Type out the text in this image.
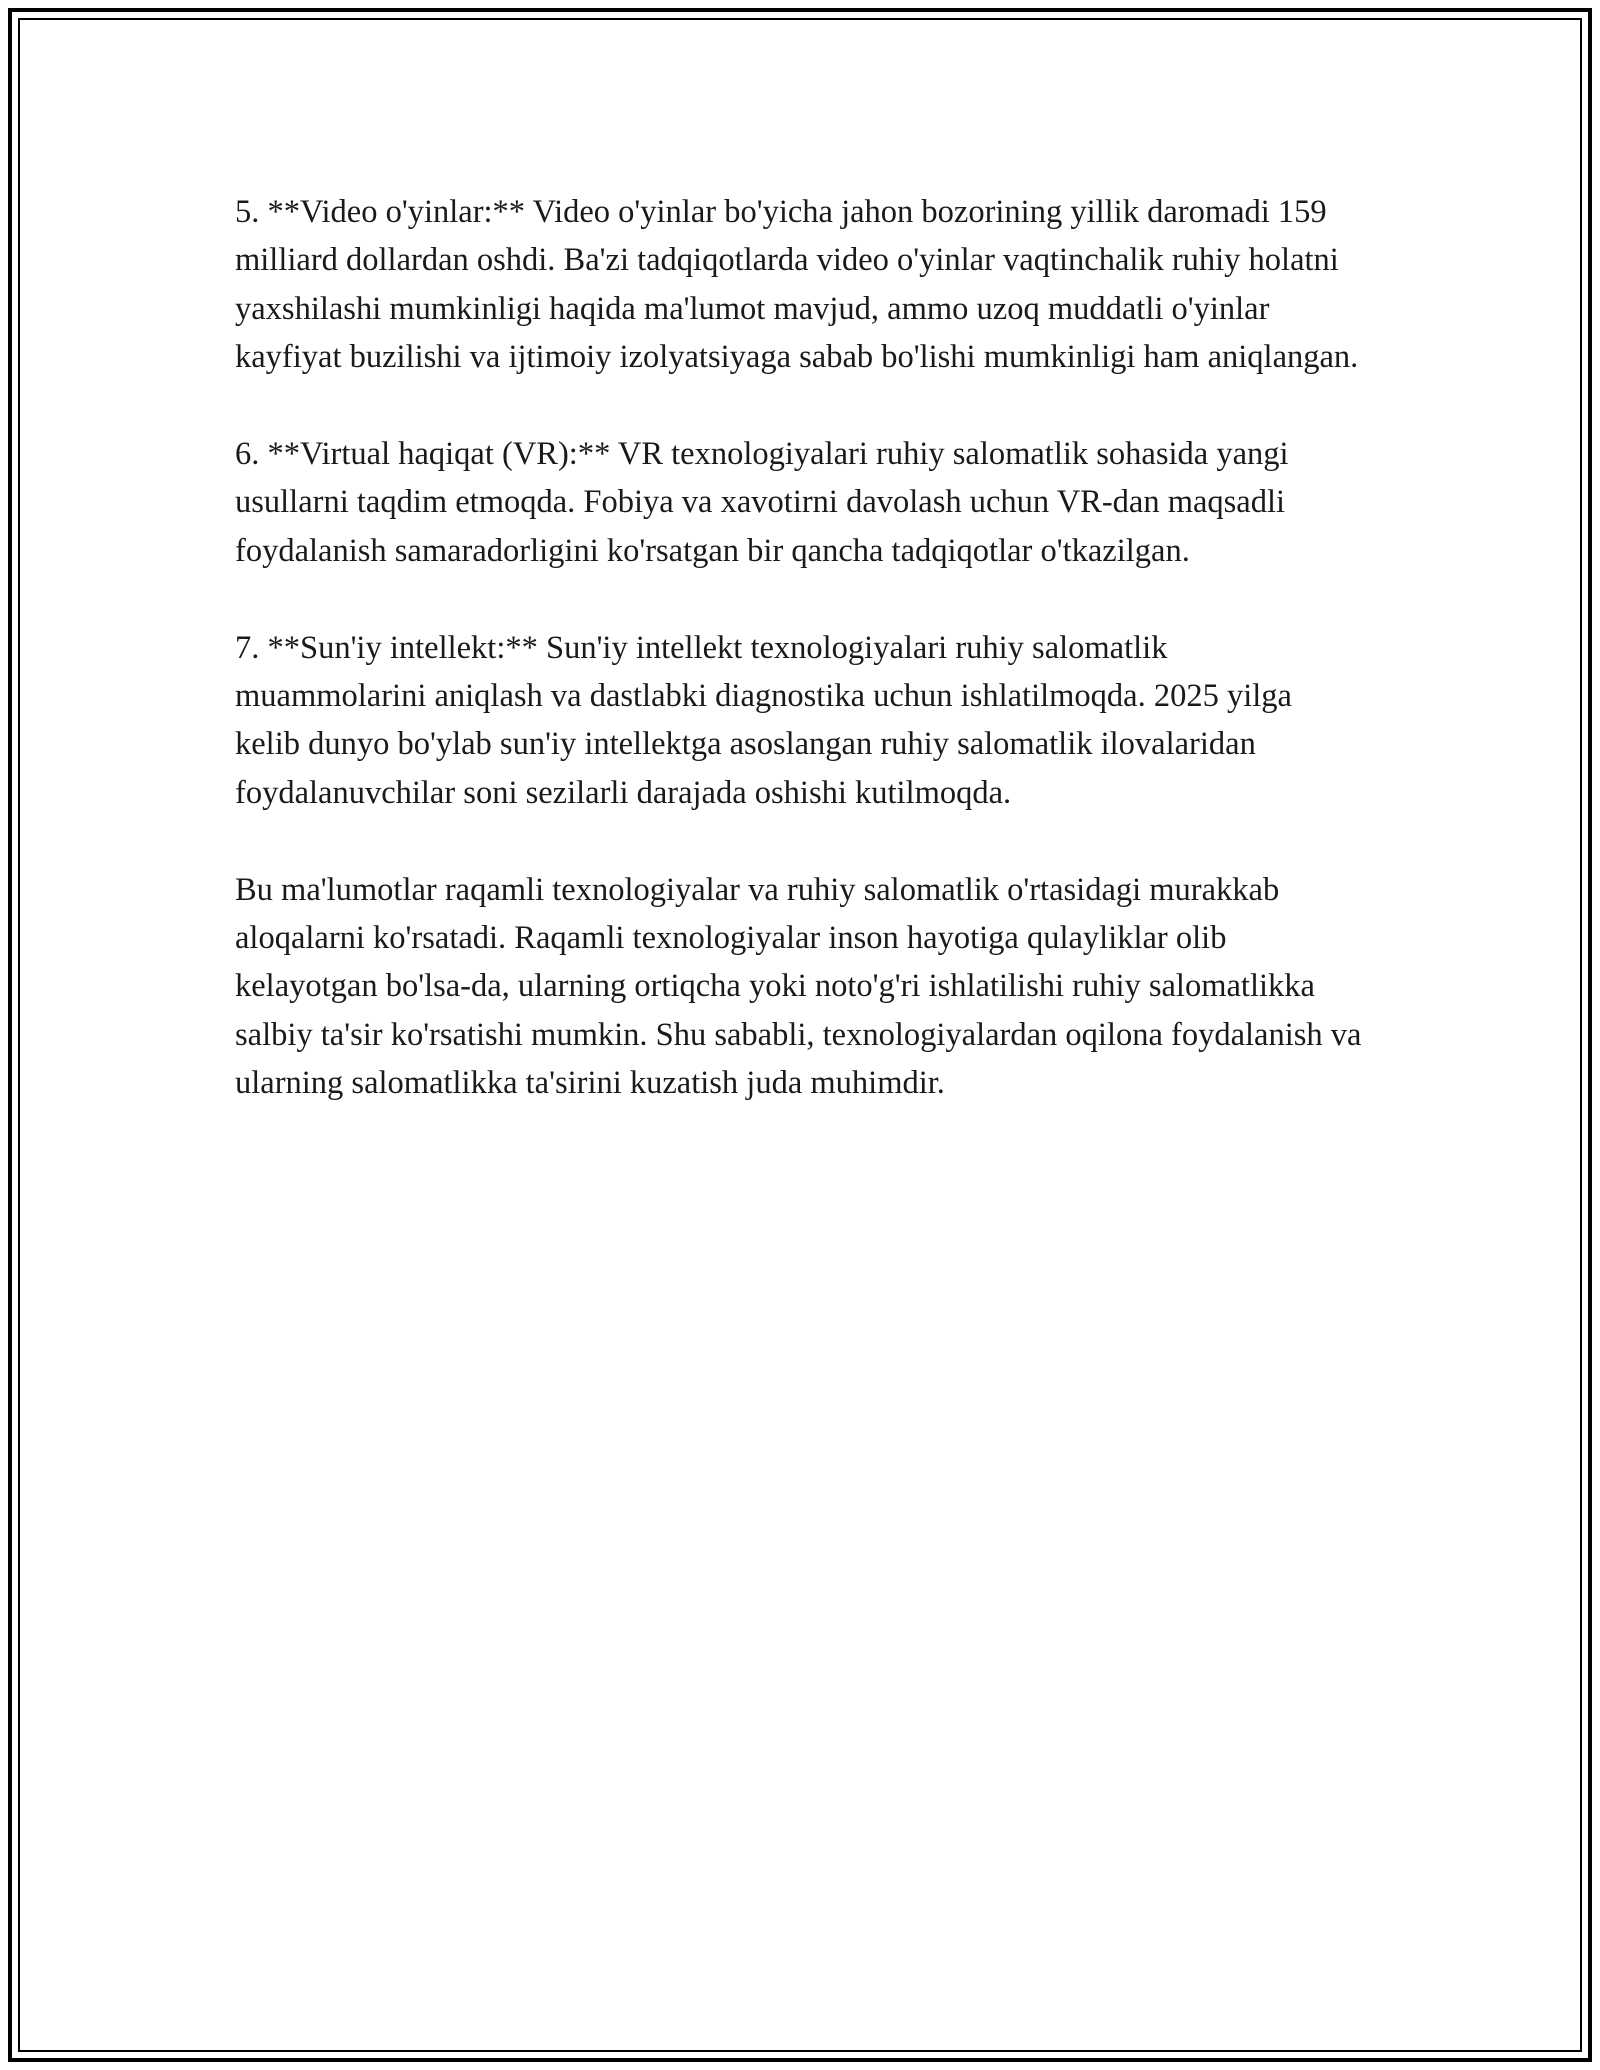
5. **Video o'yinlar:** Video o'yinlar bo'yicha jahon bozorining yillik daromadi 159 milliard dollardan oshdi. Ba'zi tadqiqotlarda video o'yinlar vaqtinchalik ruhiy holatni yaxshilashi mumkinligi haqida ma'lumot mavjud, ammo uzoq muddatli o'yinlar kayfiyat buzilishi va ijtimoiy izolyatsiyaga sabab bo'lishi mumkinligi ham aniqlangan.

6. **Virtual haqiqat (VR):** VR texnologiyalari ruhiy salomatlik sohasida yangi usullarni taqdim etmoqda. Fobiya va xavotirni davolash uchun VR-dan maqsadli foydalanish samaradorligini ko'rsatgan bir qancha tadqiqotlar o'tkazilgan.

7. **Sun'iy intellekt:** Sun'iy intellekt texnologiyalari ruhiy salomatlik muammolarini aniqlash va dastlabki diagnostika uchun ishlatilmoqda. 2025 yilga kelib dunyo bo'ylab sun'iy intellektga asoslangan ruhiy salomatlik ilovalaridan foydalanuvchilar soni sezilarli darajada oshishi kutilmoqda.

Bu ma'lumotlar raqamli texnologiyalar va ruhiy salomatlik o'rtasidagi murakkab aloqalarni ko'rsatadi. Raqamli texnologiyalar inson hayotiga qulayliklar olib kelayotgan bo'lsa-da, ularning ortiqcha yoki noto'g'ri ishlatilishi ruhiy salomatlikka salbiy ta'sir ko'rsatishi mumkin. Shu sababli, texnologiyalardan oqilona foydalanish va ularning salomatlikka ta'sirini kuzatish juda muhimdir.
